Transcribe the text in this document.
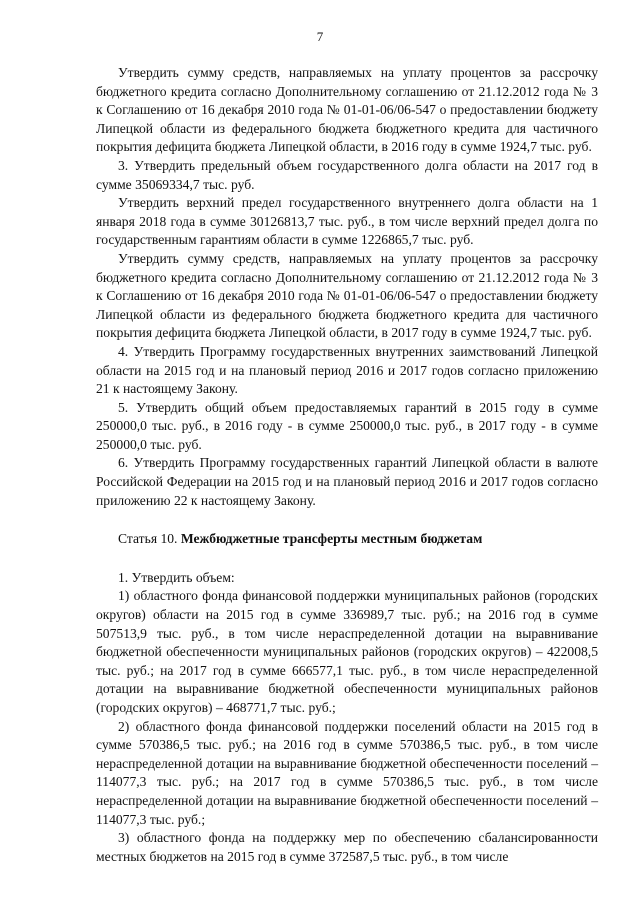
7

Утвердить сумму средств, направляемых на уплату процентов за рассрочку бюджетного кредита согласно Дополнительному соглашению от 21.12.2012 года № 3 к Соглашению от 16 декабря 2010 года № 01-01-06/06-547 о предоставлении бюджету Липецкой области из федерального бюджета бюджетного кредита для частичного покрытия дефицита бюджета Липецкой области, в 2016 году в сумме 1924,7 тыс. руб.

3. Утвердить предельный объем государственного долга области на 2017 год в сумме 35069334,7 тыс. руб.

Утвердить верхний предел государственного внутреннего долга области на 1 января 2018 года в сумме 30126813,7 тыс. руб., в том числе верхний предел долга по государственным гарантиям области в сумме 1226865,7 тыс. руб.

Утвердить сумму средств, направляемых на уплату процентов за рассрочку бюджетного кредита согласно Дополнительному соглашению от 21.12.2012 года № 3 к Соглашению от 16 декабря 2010 года № 01-01-06/06-547 о предоставлении бюджету Липецкой области из федерального бюджета бюджетного кредита для частичного покрытия дефицита бюджета Липецкой области, в 2017 году в сумме 1924,7 тыс. руб.

4. Утвердить Программу государственных внутренних заимствований Липецкой области на 2015 год и на плановый период 2016 и 2017 годов согласно приложению 21 к настоящему Закону.

5. Утвердить общий объем предоставляемых гарантий в 2015 году в сумме 250000,0 тыс. руб., в 2016 году - в сумме 250000,0 тыс. руб., в 2017 году - в сумме 250000,0 тыс. руб.

6. Утвердить Программу государственных гарантий Липецкой области в валюте Российской Федерации на 2015 год и на плановый период 2016 и 2017 годов согласно приложению 22 к настоящему Закону.

Статья 10. Межбюджетные трансферты местным бюджетам

1. Утвердить объем:

1) областного фонда финансовой поддержки муниципальных районов (городских округов) области на 2015 год в сумме 336989,7 тыс. руб.; на 2016 год в сумме 507513,9 тыс. руб., в том числе нераспределенной дотации на выравнивание бюджетной обеспеченности муниципальных районов (городских округов) – 422008,5 тыс. руб.; на 2017 год в сумме 666577,1 тыс. руб., в том числе нераспределенной дотации на выравнивание бюджетной обеспеченности муниципальных районов (городских округов) – 468771,7 тыс. руб.;

2) областного фонда финансовой поддержки поселений области на 2015 год в сумме 570386,5 тыс. руб.; на 2016 год в сумме 570386,5 тыс. руб., в том числе нераспределенной дотации на выравнивание бюджетной обеспеченности поселений – 114077,3 тыс. руб.; на 2017 год в сумме 570386,5 тыс. руб., в том числе нераспределенной дотации на выравнивание бюджетной обеспеченности поселений – 114077,3 тыс. руб.;

3) областного фонда на поддержку мер по обеспечению сбалансированности местных бюджетов на 2015 год в сумме 372587,5 тыс. руб., в том числе
